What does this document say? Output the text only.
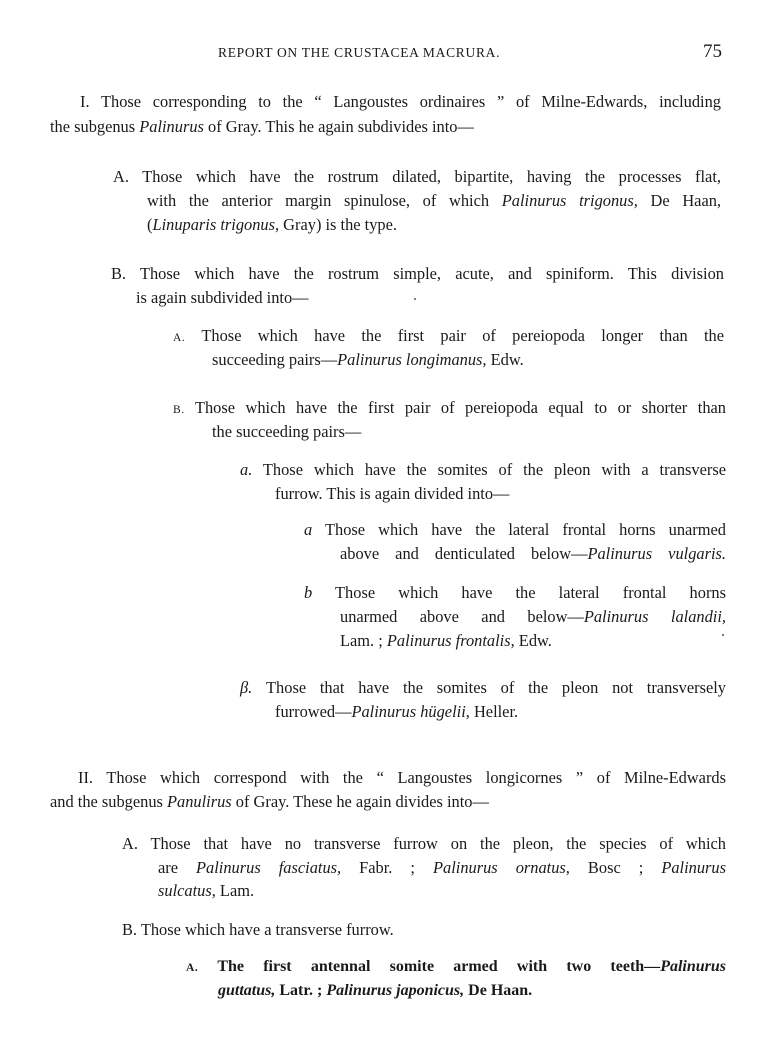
REPORT ON THE CRUSTACEA MACRURA.	75
I. Those corresponding to the “ Langoustes ordinaires ” of Milne-Edwards, including
the subgenus Palinurus of Gray. This he again subdivides into—
A. Those which have the rostrum dilated, bipartite, having the processes flat,
with the anterior margin spinulose, of which Palinurus trigonus, De Haan,
(Linuparis trigonus, Gray) is the type.
B. Those which have the rostrum simple, acute, and spiniform. This division
is again subdivided into—
A. Those which have the first pair of pereiopoda longer than the
succeeding pairs—Palinurus longimanus, Edw.
B. Those which have the first pair of pereiopoda equal to or shorter than
the succeeding pairs—
a. Those which have the somites of the pleon with a transverse
furrow. This is again divided into—
a Those which have the lateral frontal horns unarmed
above and denticulated below—Palinurus vulgaris.
b Those which have the lateral frontal horns
unarmed above and below—Palinurus lalandii,
Lam. ; Palinurus frontalis, Edw.
β. Those that have the somites of the pleon not transversely
furrowed—Palinurus hügelii, Heller.
II. Those which correspond with the “ Langoustes longicornes ” of Milne-Edwards
and the subgenus Panulirus of Gray. These he again divides into—
A. Those that have no transverse furrow on the pleon, the species of which
are Palinurus fasciatus, Fabr. ; Palinurus ornatus, Bosc ; Palinurus
sulcatus, Lam.
B. Those which have a transverse furrow.
A. The first antennal somite armed with two teeth—Palinurus
guttatus, Latr. ; Palinurus japonicus, De Haan.
